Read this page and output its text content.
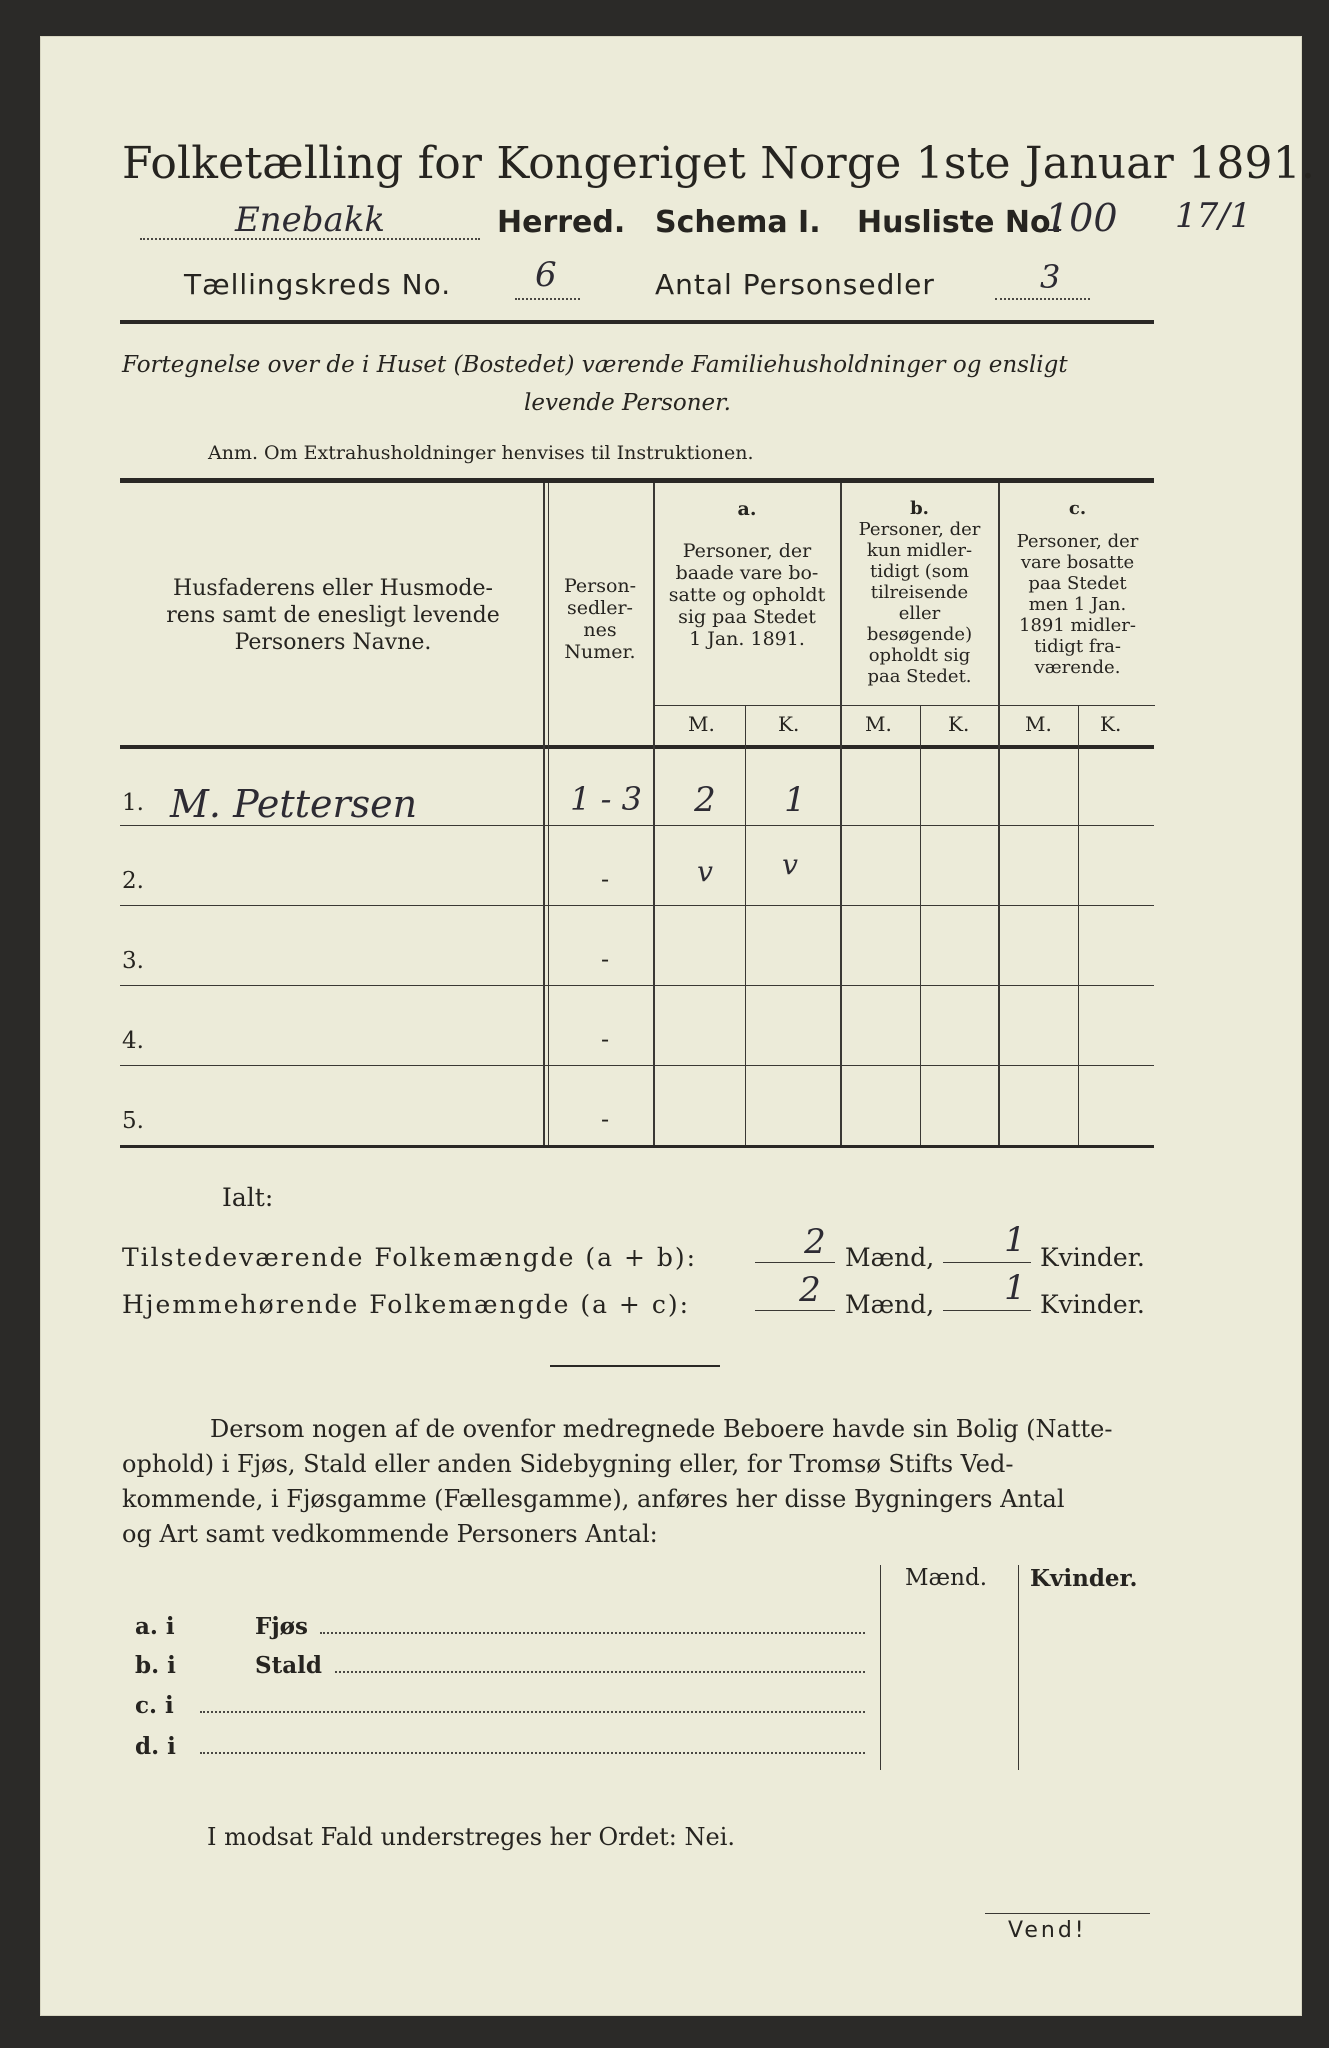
Folketælling for Kongeriget Norge 1ste Januar 1891.
Enebakk	Herred. Schema I. Husliste No.
100 17/1
Tællingskreds No. 6	Antal Personsedler	3
Fortegnelse over de i Huset (Bostedet) værende Familiehusholdninger og ensligt
levende Personer.
Anm. Om Extrahusholdninger henvises til Instruktionen.
Husfaderens eller Husmode-
rens samt de enesligt levende
Personers Navne.
Person-
sedler-
nes
Numer.
a.
Personer, der
baade vare bo-
satte og opholdt
sig paa Stedet
1 Jan. 1891.
b.
Personer, der
kun midler-
tidigt (som
tilreisende
eller
besøgende)
opholdt sig
paa Stedet.
c.
Personer, der
vare bosatte
paa Stedet
men 1 Jan.
1891 midler-
tidigt fra-
værende.
M.	K.	M.	K.	M. K.
1. M. Pettersen	1 - 3	2	1
2.	-	v	v
3.	-
4.	-
5.	-
Ialt:
Tilstedeværende Folkemængde (a + b):	2 Mænd, 1 Kvinder.
Hjemmehørende Folkemængde (a + c):	2 Mænd, 1 Kvinder.
Dersom nogen af de ovenfor medregnede Beboere havde sin Bolig (Natte-
ophold) i Fjøs, Stald eller anden Sidebygning eller, for Tromsø Stifts Ved-
kommende, i Fjøsgamme (Fællesgamme), anføres her disse Bygningers Antal
og Art samt vedkommende Personers Antal:
Mænd. Kvinder.
a. i	Fjøs
b. i	Stald
c. i
d. i
I modsat Fald understreges her Ordet: Nei.
Vend!
